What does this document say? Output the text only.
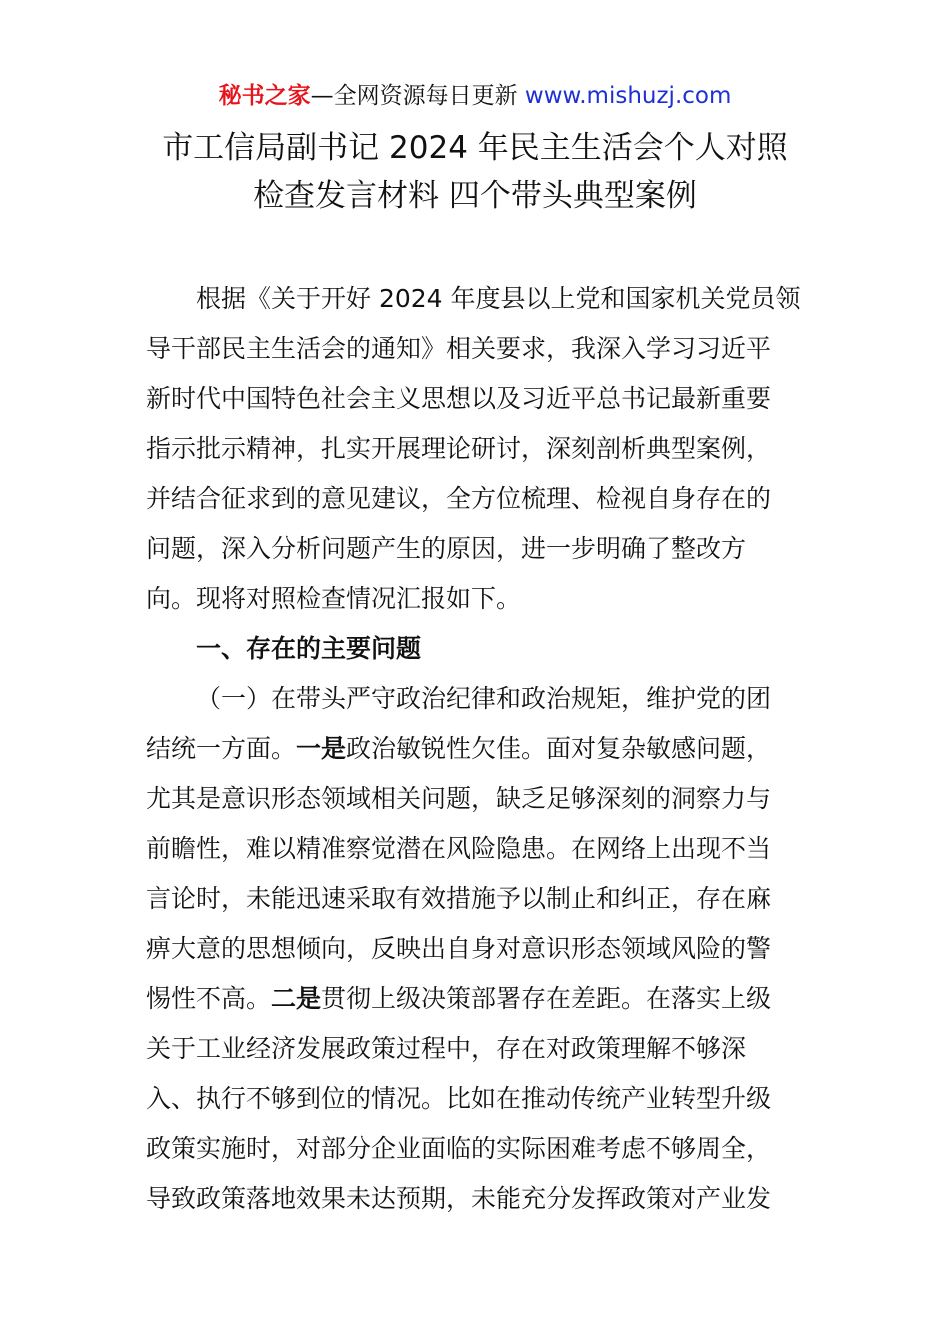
秘书之家—全网资源每日更新 www.mishuzj.com
市工信局副书记 2024 年民主生活会个人对照
检查发言材料 四个带头典型案例
根据《关于开好 2024 年度县以上党和国家机关党员领
导干部民主生活会的通知》相关要求，我深入学习习近平
新时代中国特色社会主义思想以及习近平总书记最新重要
指示批示精神，扎实开展理论研讨，深刻剖析典型案例，
并结合征求到的意见建议，全方位梳理、检视自身存在的
问题，深入分析问题产生的原因，进一步明确了整改方
向。现将对照检查情况汇报如下。
一、存在的主要问题
（一）在带头严守政治纪律和政治规矩，维护党的团
结统一方面。一是政治敏锐性欠佳。面对复杂敏感问题，
尤其是意识形态领域相关问题，缺乏足够深刻的洞察力与
前瞻性，难以精准察觉潜在风险隐患。在网络上出现不当
言论时，未能迅速采取有效措施予以制止和纠正，存在麻
痹大意的思想倾向，反映出自身对意识形态领域风险的警
惕性不高。二是贯彻上级决策部署存在差距。在落实上级
关于工业经济发展政策过程中，存在对政策理解不够深
入、执行不够到位的情况。比如在推动传统产业转型升级
政策实施时，对部分企业面临的实际困难考虑不够周全，
导致政策落地效果未达预期，未能充分发挥政策对产业发
